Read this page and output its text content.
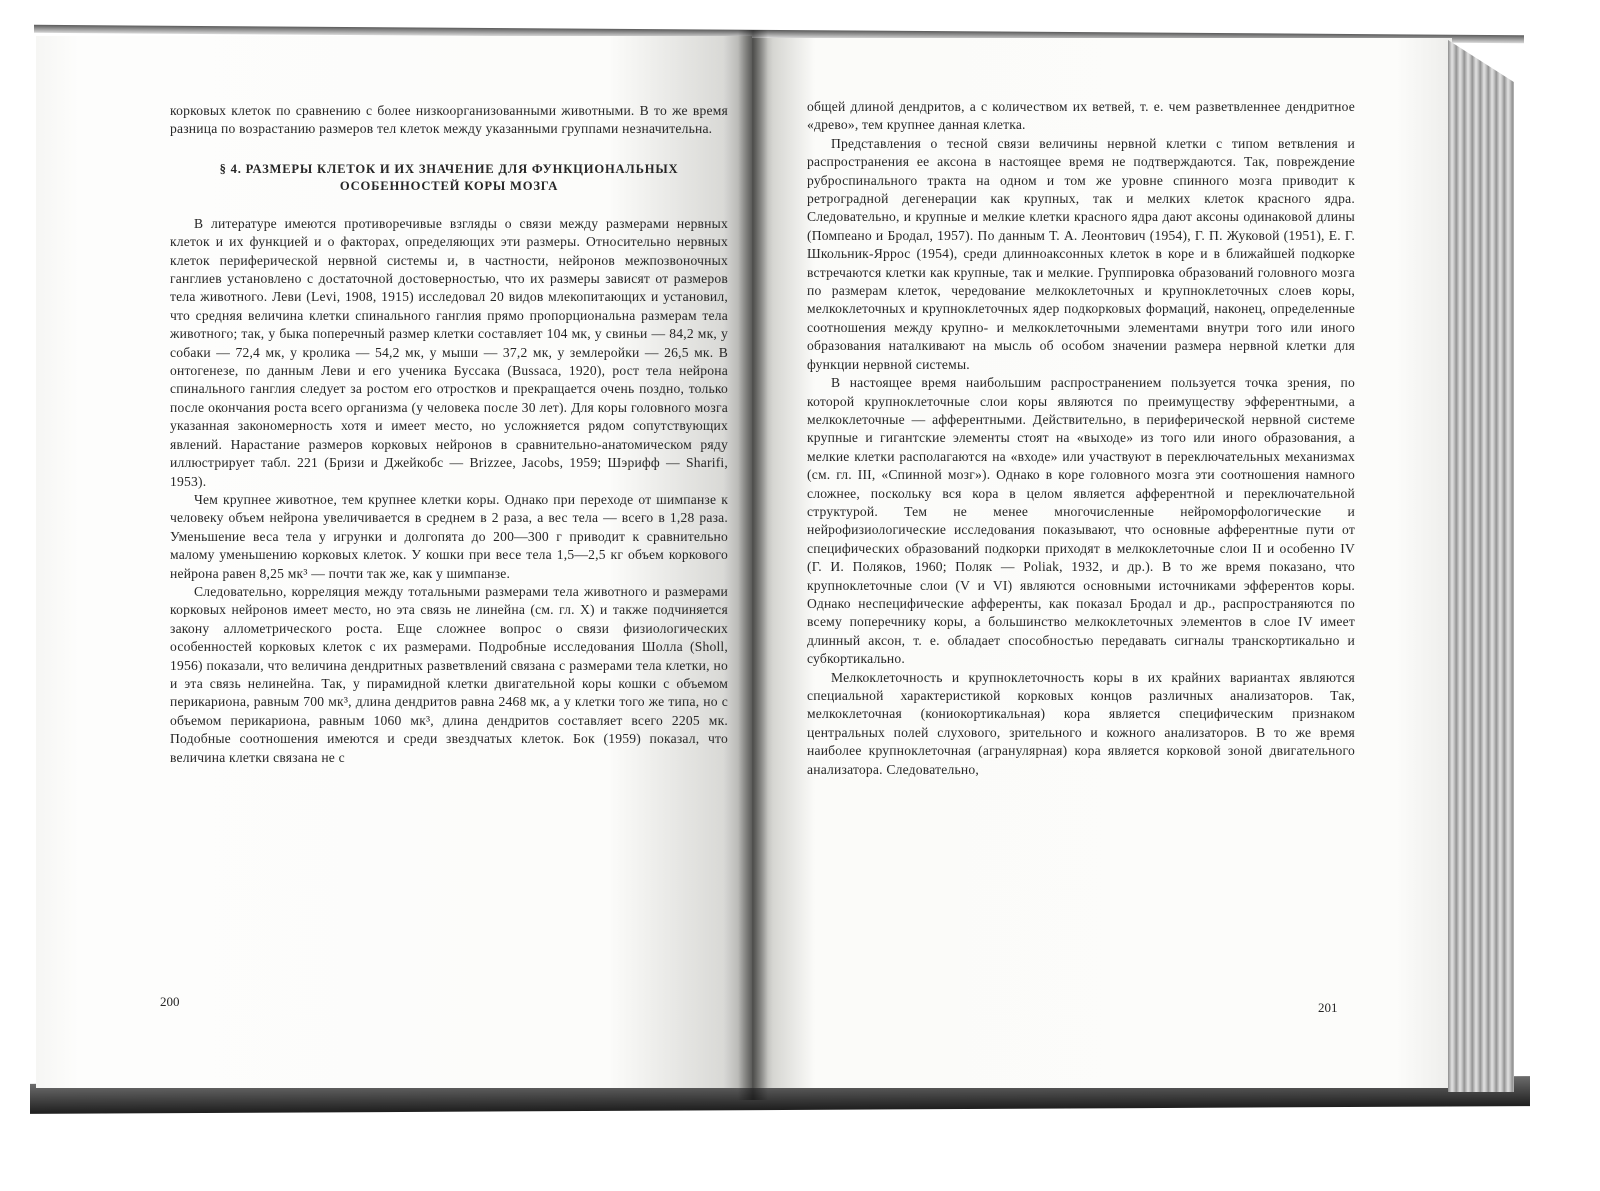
корковых клеток по сравнению с более низкоорганизованными животными. В то же время разница по возрастанию размеров тел клеток между указанными группами незначительна.

§ 4. РАЗМЕРЫ КЛЕТОК И ИХ ЗНАЧЕНИЕ ДЛЯ ФУНКЦИОНАЛЬНЫХ
ОСОБЕННОСТЕЙ КОРЫ МОЗГА

В литературе имеются противоречивые взгляды о связи между размерами нервных клеток и их функцией и о факторах, определяющих эти размеры. Относительно нервных клеток периферической нервной системы и, в частности, нейронов межпозвоночных ганглиев установлено с достаточной достоверностью, что их размеры зависят от размеров тела животного. Леви (Levi, 1908, 1915) исследовал 20 видов млекопитающих и установил, что средняя величина клетки спинального ганглия прямо пропорциональна размерам тела животного; так, у быка поперечный размер клетки составляет 104 мк, у свиньи — 84,2 мк, у собаки — 72,4 мк, у кролика — 54,2 мк, у мыши — 37,2 мк, у землеройки — 26,5 мк. В онтогенезе, по данным Леви и его ученика Буссака (Bussaca, 1920), рост тела нейрона спинального ганглия следует за ростом его отростков и прекращается очень поздно, только после окончания роста всего организма (у человека после 30 лет). Для коры головного мозга указанная закономерность хотя и имеет место, но усложняется рядом сопутствующих явлений. Нарастание размеров корковых нейронов в сравнительно-анатомическом ряду иллюстрирует табл. 221 (Бризи и Джейкобс — Brizzee, Jacobs, 1959; Шэрифф — Sharifi, 1953).

Чем крупнее животное, тем крупнее клетки коры. Однако при переходе от шимпанзе к человеку объем нейрона увеличивается в среднем в 2 раза, а вес тела — всего в 1,28 раза. Уменьшение веса тела у игрунки и долгопята до 200—300 г приводит к сравнительно малому уменьшению корковых клеток. У кошки при весе тела 1,5—2,5 кг объем коркового нейрона равен 8,25 мк³ — почти так же, как у шимпанзе.

Следовательно, корреляция между тотальными размерами тела животного и размерами корковых нейронов имеет место, но эта связь не линейна (см. гл. X) и также подчиняется закону аллометрического роста. Еще сложнее вопрос о связи физиологических особенностей корковых клеток с их размерами. Подробные исследования Шолла (Sholl, 1956) показали, что величина дендритных разветвлений связана с размерами тела клетки, но и эта связь нелинейна. Так, у пирамидной клетки двигательной коры кошки с объемом перикариона, равным 700 мк³, длина дендритов равна 2468 мк, а у клетки того же типа, но с объемом перикариона, равным 1060 мк³, длина дендритов составляет всего 2205 мк. Подобные соотношения имеются и среди звездчатых клеток. Бок (1959) показал, что величина клетки связана не с

200

общей длиной дендритов, а с количеством их ветвей, т. е. чем разветвленнее дендритное «древо», тем крупнее данная клетка.

Представления о тесной связи величины нервной клетки с типом ветвления и распространения ее аксона в настоящее время не подтверждаются. Так, повреждение руброспинального тракта на одном и том же уровне спинного мозга приводит к ретроградной дегенерации как крупных, так и мелких клеток красного ядра. Следовательно, и крупные и мелкие клетки красного ядра дают аксоны одинаковой длины (Помпеано и Бродал, 1957). По данным Т. А. Леонтович (1954), Г. П. Жуковой (1951), Е. Г. Школьник-Яррос (1954), среди длинноаксонных клеток в коре и в ближайшей подкорке встречаются клетки как крупные, так и мелкие. Группировка образований головного мозга по размерам клеток, чередование мелкоклеточных и крупноклеточных слоев коры, мелкоклеточных и крупноклеточных ядер подкорковых формаций, наконец, определенные соотношения между крупно- и мелкоклеточными элементами внутри того или иного образования наталкивают на мысль об особом значении размера нервной клетки для функции нервной системы.

В настоящее время наибольшим распространением пользуется точка зрения, по которой крупноклеточные слои коры являются по преимуществу эфферентными, а мелкоклеточные — афферентными. Действительно, в периферической нервной системе крупные и гигантские элементы стоят на «выходе» из того или иного образования, а мелкие клетки располагаются на «входе» или участвуют в переключательных механизмах (см. гл. III, «Спинной мозг»). Однако в коре головного мозга эти соотношения намного сложнее, поскольку вся кора в целом является афферентной и переключательной структурой. Тем не менее многочисленные нейроморфологические и нейрофизиологические исследования показывают, что основные афферентные пути от специфических образований подкорки приходят в мелкоклеточные слои II и особенно IV (Г. И. Поляков, 1960; Поляк — Poliak, 1932, и др.). В то же время показано, что крупноклеточные слои (V и VI) являются основными источниками эфферентов коры. Однако неспецифические афференты, как показал Бродал и др., распространяются по всему поперечнику коры, а большинство мелкоклеточных элементов в слое IV имеет длинный аксон, т. е. обладает способностью передавать сигналы транскортикально и субкортикально.

Мелкоклеточность и крупноклеточность коры в их крайних вариантах являются специальной характеристикой корковых концов различных анализаторов. Так, мелкоклеточная (кониокортикальная) кора является специфическим признаком центральных полей слухового, зрительного и кожного анализаторов. В то же время наиболее крупноклеточная (агранулярная) кора является корковой зоной двигательного анализатора. Следовательно,

201
